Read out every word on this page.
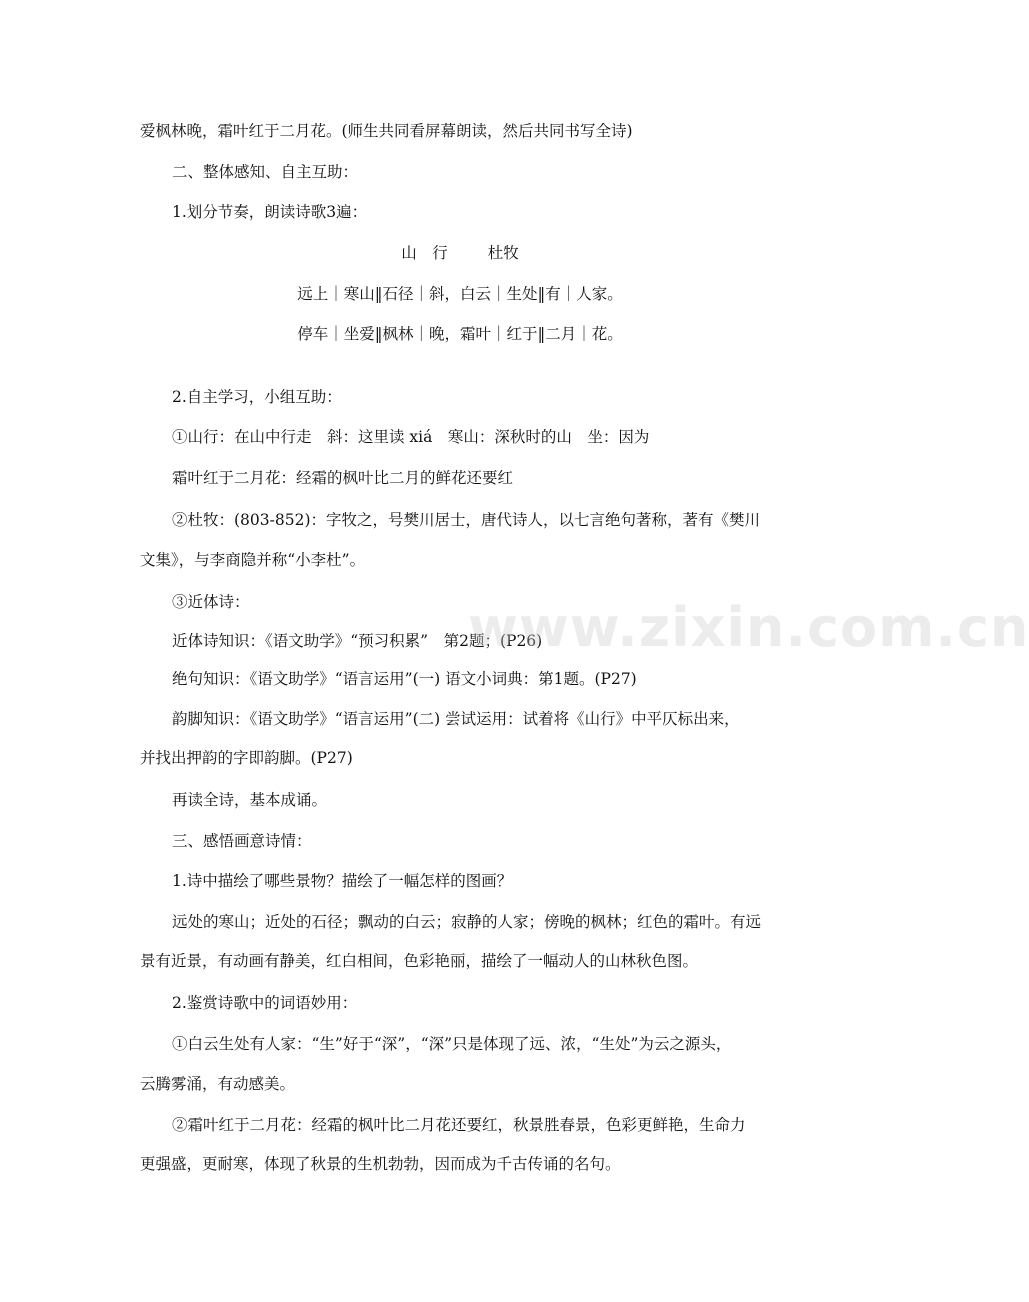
爱枫林晚，霜叶红于二月花。(师生共同看屏幕朗读，然后共同书写全诗)
二、整体感知、自主互助：
1.划分节奏，朗读诗歌3遍：
山　行	杜牧
远上｜寒山‖石径｜斜，白云｜生处‖有｜人家。
停车｜坐爱‖枫林｜晚，霜叶｜红于‖二月｜花。
2.自主学习，小组互助：
①山行：在山中行走　斜：这里读 xiá　寒山：深秋时的山　坐：因为
霜叶红于二月花：经霜的枫叶比二月的鲜花还要红
②杜牧：(803-852)：字牧之，号樊川居士，唐代诗人，以七言绝句著称，著有《樊川
文集》，与李商隐并称“小李杜”。
③近体诗：
近体诗知识：《语文助学》“预习积累”　第2题；(P26)
绝句知识：《语文助学》“语言运用”(一) 语文小词典：第1题。(P27)
韵脚知识：《语文助学》“语言运用”(二) 尝试运用：试着将《山行》中平仄标出来，
并找出押韵的字即韵脚。(P27)
再读全诗，基本成诵。
三、感悟画意诗情：
1.诗中描绘了哪些景物？描绘了一幅怎样的图画？
远处的寒山；近处的石径；飘动的白云；寂静的人家；傍晚的枫林；红色的霜叶。有远
景有近景，有动画有静美，红白相间，色彩艳丽，描绘了一幅动人的山林秋色图。
2.鉴赏诗歌中的词语妙用：
①白云生处有人家：“生”好于“深”，“深”只是体现了远、浓，“生处”为云之源头，
云腾雾涌，有动感美。
②霜叶红于二月花：经霜的枫叶比二月花还要红，秋景胜春景，色彩更鲜艳，生命力
更强盛，更耐寒，体现了秋景的生机勃勃，因而成为千古传诵的名句。
www.zixin.com.cn
